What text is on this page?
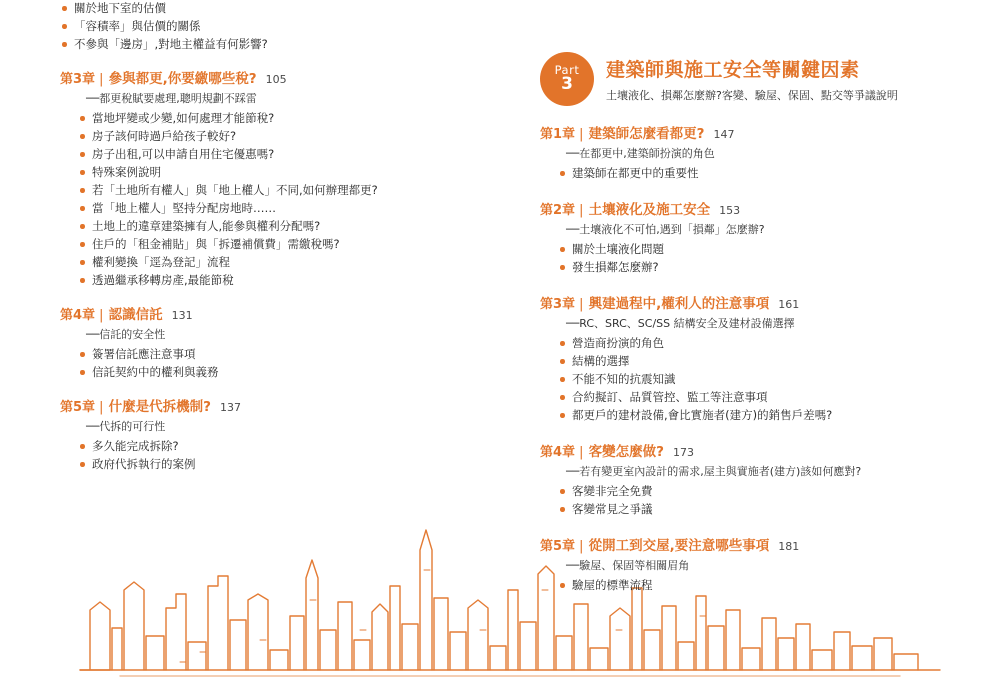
關於地下室的估價
「容積率」與估價的關係
不參與「邊房」,對地主權益有何影響?
第3章 | 參與都更,你要繳哪些稅? 105
──都更稅賦要處理,聰明規劃不踩雷
當地坪變或少變,如何處理才能節稅?
房子該何時過戶給孩子較好?
房子出租,可以申請自用住宅優惠嗎?
特殊案例說明
若「土地所有權人」與「地上權人」不同,如何辦理都更?
當「地上權人」堅持分配房地時……
土地上的違章建築擁有人,能參與權利分配嗎?
住戶的「租金補貼」與「拆遷補償費」需繳稅嗎?
權利變換「逕為登記」流程
透過繼承移轉房產,最能節稅
第4章 | 認識信託 131
──信託的安全性
簽署信託應注意事項
信託契約中的權利與義務
第5章 | 什麼是代拆機制? 137
──代拆的可行性
多久能完成拆除?
政府代拆執行的案例
Part
3
建築師與施工安全等關鍵因素
土壤液化、損鄰怎麼辦?客變、驗屋、保固、點交等爭議說明
第1章 | 建築師怎麼看都更? 147
──在都更中,建築師扮演的角色
建築師在都更中的重要性
第2章 | 土壤液化及施工安全 153
──土壤液化不可怕,遇到「損鄰」怎麼辦?
關於土壤液化問題
發生損鄰怎麼辦?
第3章 | 興建過程中,權利人的注意事項 161
──RC、SRC、SC/SS 結構安全及建材設備選擇
營造商扮演的角色
結構的選擇
不能不知的抗震知識
合約擬訂、品質管控、監工等注意事項
都更戶的建材設備,會比實施者(建方)的銷售戶差嗎?
第4章 | 客變怎麼做? 173
──若有變更室內設計的需求,屋主與實施者(建方)該如何應對?
客變非完全免費
客變常見之爭議
第5章 | 從開工到交屋,要注意哪些事項 181
──驗屋、保固等相關眉角
驗屋的標準流程
